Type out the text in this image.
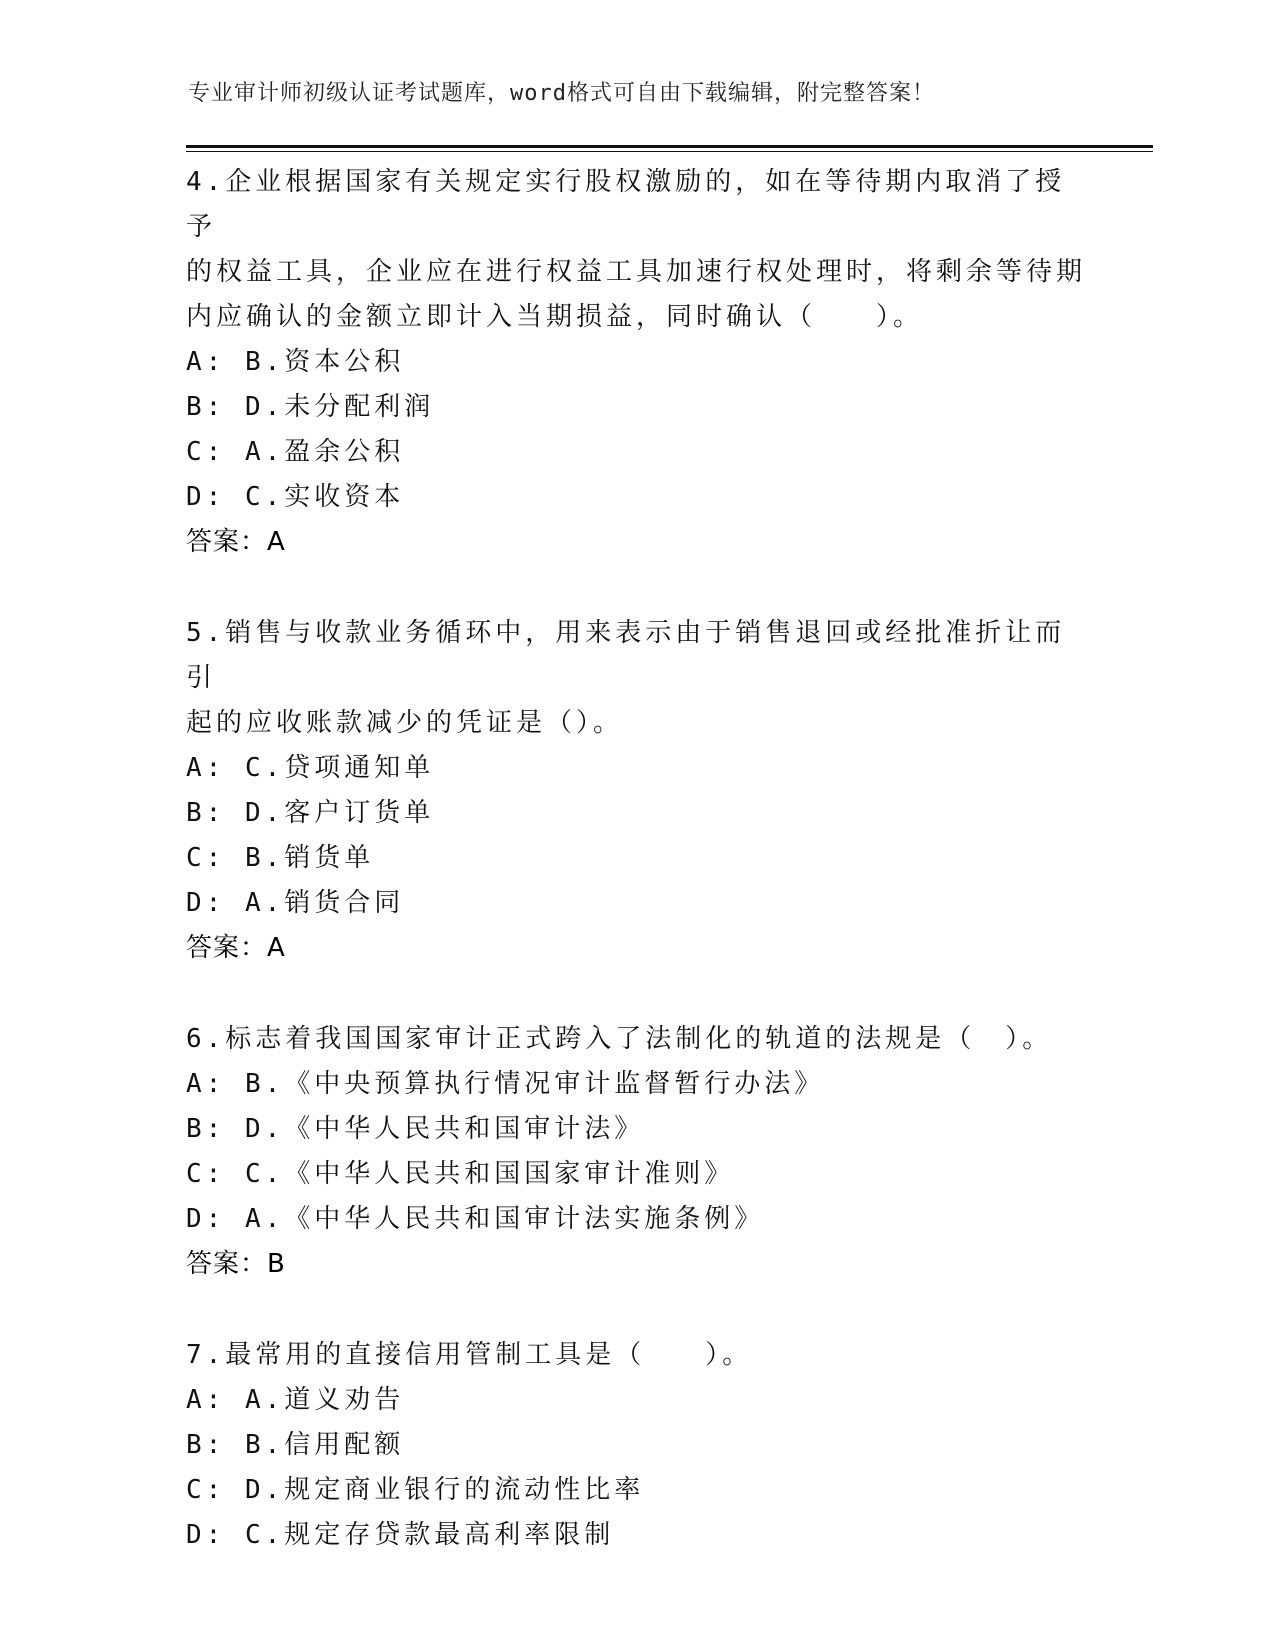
专业审计师初级认证考试题库，word格式可自由下载编辑，附完整答案！

4.企业根据国家有关规定实行股权激励的，如在等待期内取消了授予

的权益工具，企业应在进行权益工具加速行权处理时，将剩余等待期

内应确认的金额立即计入当期损益，同时确认（　　）。

A: B.资本公积

B: D.未分配利润

C: A.盈余公积

D: C.实收资本

答案：A

5.销售与收款业务循环中，用来表示由于销售退回或经批准折让而引

起的应收账款减少的凭证是（）。

A: C.贷项通知单

B: D.客户订货单

C: B.销货单

D: A.销货合同

答案：A

6.标志着我国国家审计正式跨入了法制化的轨道的法规是（　）。

A: B.《中央预算执行情况审计监督暂行办法》

B: D.《中华人民共和国审计法》

C: C.《中华人民共和国国家审计准则》

D: A.《中华人民共和国审计法实施条例》

答案：B

7.最常用的直接信用管制工具是（　　）。

A: A.道义劝告

B: B.信用配额

C: D.规定商业银行的流动性比率

D: C.规定存贷款最高利率限制
